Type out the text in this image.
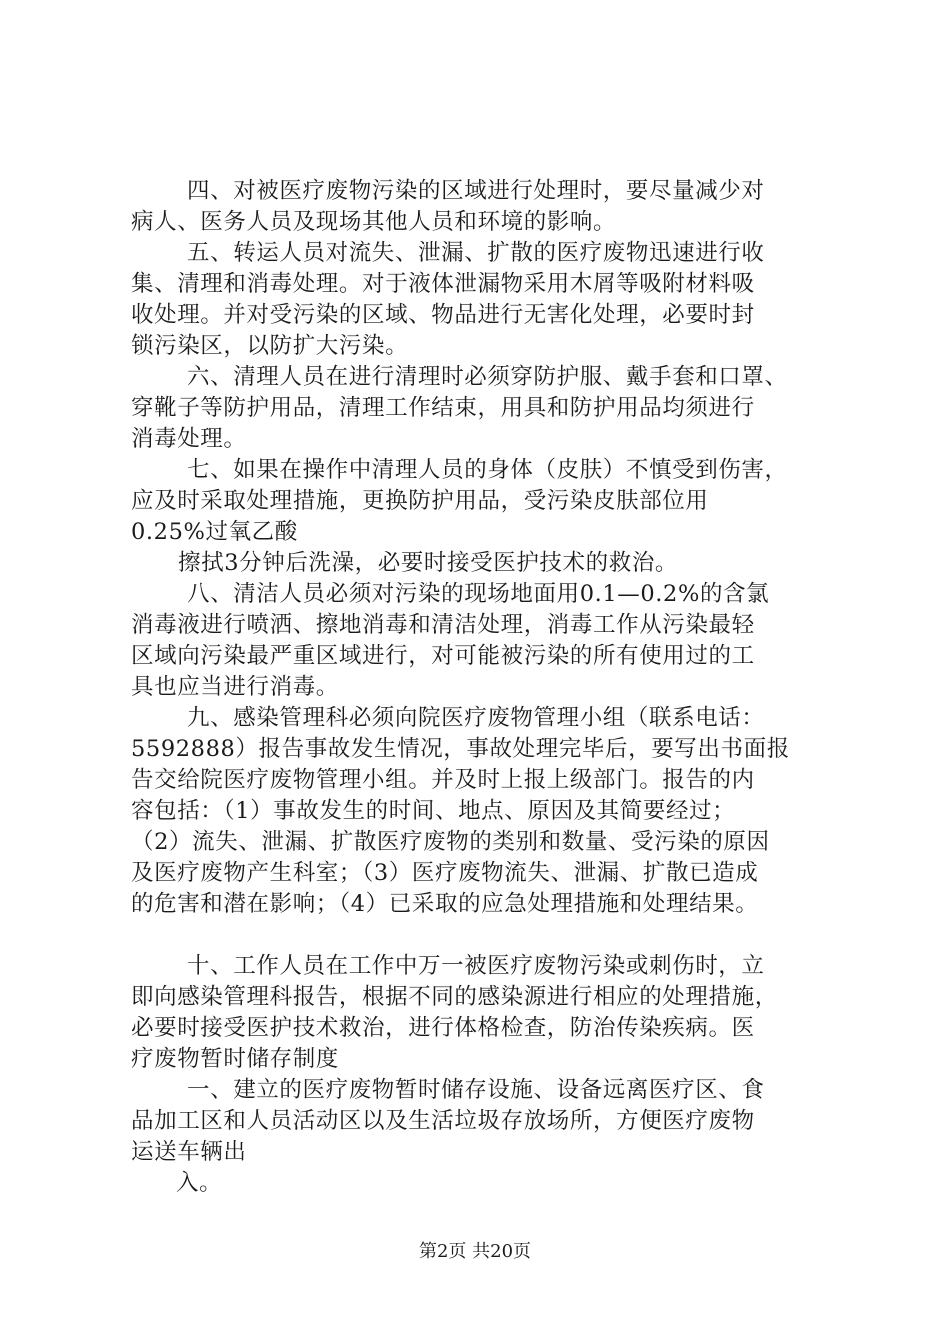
四、对被医疗废物污染的区域进行处理时，要尽量减少对
病人、医务人员及现场其他人员和环境的影响。
五、转运人员对流失、泄漏、扩散的医疗废物迅速进行收
集、清理和消毒处理。对于液体泄漏物采用木屑等吸附材料吸
收处理。并对受污染的区域、物品进行无害化处理，必要时封
锁污染区，以防扩大污染。
六、清理人员在进行清理时必须穿防护服、戴手套和口罩、
穿靴子等防护用品，清理工作结束，用具和防护用品均须进行
消毒处理。
七、如果在操作中清理人员的身体（皮肤）不慎受到伤害，
应及时采取处理措施，更换防护用品，受污染皮肤部位用
0.25%过氧乙酸
擦拭3分钟后洗澡，必要时接受医护技术的救治。
八、清洁人员必须对污染的现场地面用0.1—0.2%的含氯
消毒液进行喷洒、擦地消毒和清洁处理，消毒工作从污染最轻
区域向污染最严重区域进行，对可能被污染的所有使用过的工
具也应当进行消毒。
九、感染管理科必须向院医疗废物管理小组（联系电话：
5592888）报告事故发生情况，事故处理完毕后，要写出书面报
告交给院医疗废物管理小组。并及时上报上级部门。报告的内
容包括：（1）事故发生的时间、地点、原因及其简要经过；
（2）流失、泄漏、扩散医疗废物的类别和数量、受污染的原因
及医疗废物产生科室；（3）医疗废物流失、泄漏、扩散已造成
的危害和潜在影响；（4）已采取的应急处理措施和处理结果。
十、工作人员在工作中万一被医疗废物污染或刺伤时，立
即向感染管理科报告，根据不同的感染源进行相应的处理措施，
必要时接受医护技术救治，进行体格检查，防治传染疾病。医
疗废物暂时储存制度
一、建立的医疗废物暂时储存设施、设备远离医疗区、食
品加工区和人员活动区以及生活垃圾存放场所，方便医疗废物
运送车辆出
入。
第2页 共20页
